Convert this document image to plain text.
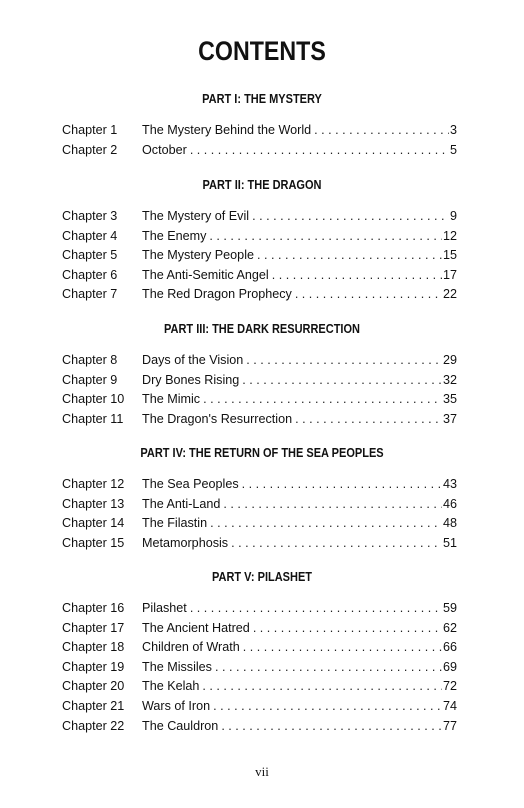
CONTENTS
PART I: THE MYSTERY
Chapter 1	The Mystery Behind the World . . .	3
Chapter 2	October . . .	5
PART II: THE DRAGON
Chapter 3	The Mystery of Evil . . .	9
Chapter 4	The Enemy . . .	12
Chapter 5	The Mystery People . . .	15
Chapter 6	The Anti-Semitic Angel . . .	17
Chapter 7	The Red Dragon Prophecy . . .	22
PART III: THE DARK RESURRECTION
Chapter 8	Days of the Vision . . .	29
Chapter 9	Dry Bones Rising . . .	32
Chapter 10	The Mimic . . .	35
Chapter 11	The Dragon's Resurrection . . .	37
PART IV: THE RETURN OF THE SEA PEOPLES
Chapter 12	The Sea Peoples . . .	43
Chapter 13	The Anti-Land . . .	46
Chapter 14	The Filastin . . .	48
Chapter 15	Metamorphosis . . .	51
PART V: PILASHET
Chapter 16	Pilashet . . .	59
Chapter 17	The Ancient Hatred . . .	62
Chapter 18	Children of Wrath . . .	66
Chapter 19	The Missiles . . .	69
Chapter 20	The Kelah . . .	72
Chapter 21	Wars of Iron . . .	74
Chapter 22	The Cauldron . . .	77
vii
